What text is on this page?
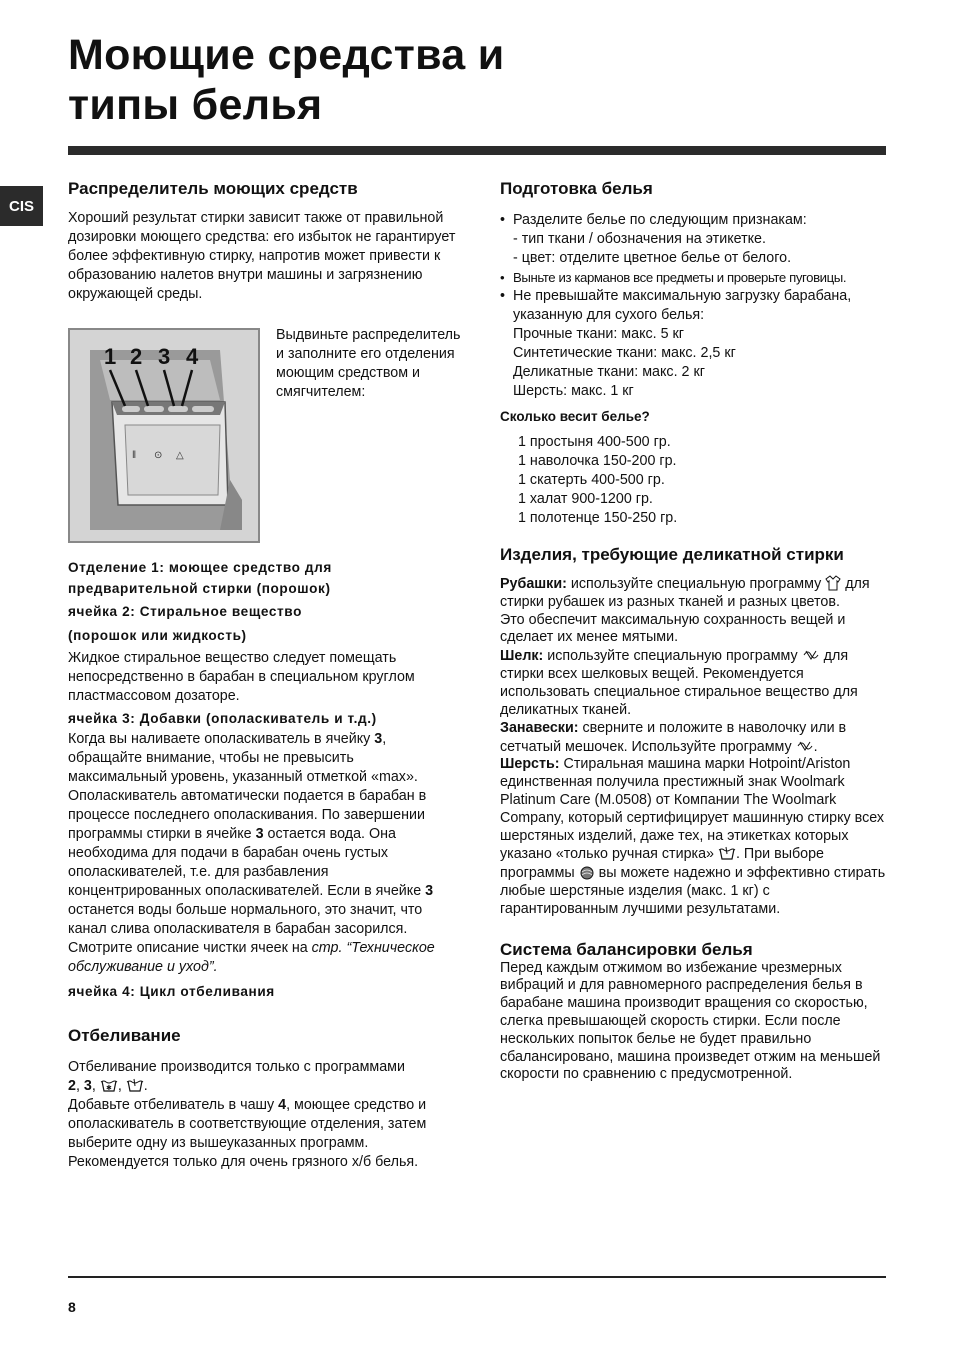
Моющие средства и
типы белья
CIS
Распределитель моющих средств

Хороший результат стирки зависит также от правильной дозировки моющего средства: его избыток не гарантирует более эффективную стирку, напротив может привести к образованию налетов внутри машины и загрязнению окружающей среды.

‖ ⊙ △
1 2 3 4
Выдвиньте распределитель и заполните его отделения моющим средством и смягчителем:

Отделение 1: моющее средство для предварительной стирки (порошок)

ячейка 2: Стиральное вещество

(порошок или жидкость)

Жидкое стиральное вещество следует помещать непосредственно в барабан в специальном круглом пластмассовом дозаторе.

ячейка 3: Добавки (ополаскиватель и т.д.)

Когда вы наливаете ополаскиватель в ячейку 3, обращайте внимание, чтобы не превысить максимальный уровень, указанный отметкой «max». Ополаскиватель автоматически подается в барабан в процессе последнего ополаскивания. По завершении программы стирки в ячейке 3 остается вода. Она необходима для подачи в барабан очень густых ополаскивателей, т.е. для разбавления концентрированных ополаскивателей. Если в ячейке 3 останется воды больше нормального, это значит, что канал слива ополаскивателя в барабан засорился. Смотрите описание чистки ячеек на стр. “Техническое обслуживание и уход”.

ячейка 4: Цикл отбеливания

Отбеливание

Отбеливание производится только с программами
2, 3, ✱ , .
Добавьте отбеливатель в чашу 4, моющее средство и ополаскиватель в соответствующие отделения, затем выберите одну из вышеуказанных программ.
Рекомендуется только для очень грязного х/б белья.

Подготовка белья
• Разделите белье по следующим признакам:
- тип ткани / обозначения на этикетке.
- цвет: отделите цветное белье от белого.
• Выньте из карманов все предметы и проверьте пуговицы.
• Не превышайте максимальную загрузку барабана, указанную для сухого белья:
Прочные ткани: макс. 5 кг
Синтетические ткани: макс. 2,5 кг
Деликатные ткани: макс. 2 кг
Шерсть: макс. 1 кг

Сколько весит белье?

1 простыня 400-500 гр.

1 наволочка 150-200 гр.

1 скатерть 400-500 гр.

1 халат 900-1200 гр.

1 полотенце 150-250 гр.

Изделия, требующие деликатной стирки

Рубашки: используйте специальную программу  для стирки рубашек из разных тканей и разных цветов.
Это обеспечит максимальную сохранность вещей и сделает их менее мятыми.

Шелк: используйте специальную программу  для стирки всех шелковых вещей. Рекомендуется использовать специальное стиральное вещество для деликатных тканей.

Занавески: сверните и положите в наволочку или в сетчатый мешочек. Используйте программу .

Шерсть: Стиральная машина марки Hotpoint/Ariston единственная получила престижный знак Woolmark Platinum Care (M.0508) от Компании The Woolmark Company, который сертифицирует машинную стирку всех шерстяных изделий, даже тех, на этикетках которых указано «только ручная стирка» . При выборе программы  вы можете надежно и эффективно стирать любые шерстяные изделия (макс. 1 кг) с гарантированным лучшими результатами.

Система балансировки белья

Перед каждым отжимом во избежание чрезмерных вибраций и для равномерного распределения белья в барабане машина производит вращения со скоростью, слегка превышающей скорость стирки. Если после нескольких попыток белье не будет правильно сбалансировано, машина произведет отжим на меньшей скорости по сравнению с предусмотренной.

8
